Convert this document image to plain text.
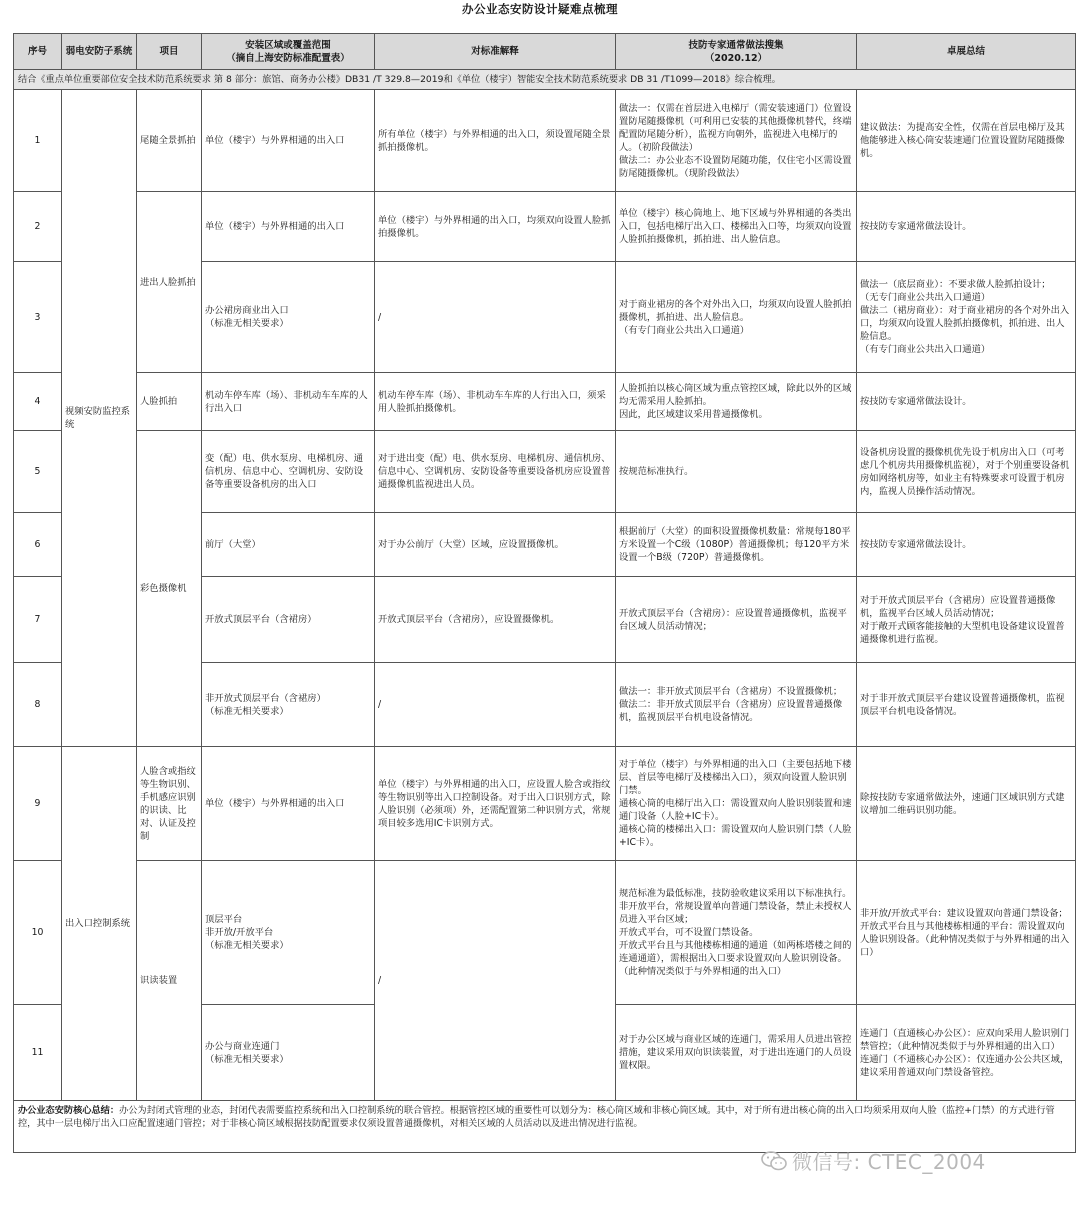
办公业态安防设计疑难点梳理
序号	弱电安防子系统	项目	安装区域或覆盖范围
（摘自上海安防标准配置表）	对标准解释	技防专家通常做法搜集
（2020.12）	卓展总结
结合《重点单位重要部位安全技术防范系统要求 第 8 部分：旅馆、商务办公楼》DB31 /T 329.8—2019和《单位（楼宇）智能安全技术防范系统要求 DB 31 /T1099—2018》综合梳理。						
1	视频安防监控系统	尾随全景抓拍	单位（楼宇）与外界相通的出入口	所有单位（楼宇）与外界相通的出入口，须设置尾随全景抓拍摄像机。	做法一：仅需在首层进入电梯厅（需安装速通门）位置设置防尾随摄像机（可利用已安装的其他摄像机替代，终端配置防尾随分析），监视方向朝外，监视进入电梯厅的人。（初阶段做法）
做法二：办公业态不设置防尾随功能，仅住宅小区需设置防尾随摄像机。（现阶段做法）	建议做法：为提高安全性，仅需在首层电梯厅及其他能够进入核心筒安装速通门位置设置防尾随摄像机。
2		进出人脸抓拍	单位（楼宇）与外界相通的出入口	单位（楼宇）与外界相通的出入口，均须双向设置人脸抓拍摄像机。	单位（楼宇）核心筒地上、地下区域与外界相通的各类出入口，包括电梯厅出入口、楼梯出入口等，均须双向设置人脸抓拍摄像机，抓拍进、出人脸信息。	按技防专家通常做法设计。
3			办公裙房商业出入口
（标准无相关要求）	/	对于商业裙房的各个对外出入口，均须双向设置人脸抓拍摄像机，抓拍进、出人脸信息。
（有专门商业公共出入口通道）	做法一（底层商业）：不要求做人脸抓拍设计；
（无专门商业公共出入口通道）
做法二（裙房商业）：对于商业裙房的各个对外出入口，均须双向设置人脸抓拍摄像机，抓拍进、出人脸信息。
（有专门商业公共出入口通道）
4		人脸抓拍	机动车停车库（场）、非机动车车库的人行出入口	机动车停车库（场）、非机动车车库的人行出入口，须采用人脸抓拍摄像机。	人脸抓拍以核心筒区域为重点管控区域，除此以外的区域均无需采用人脸抓拍。
因此，此区域建议采用普通摄像机。	按技防专家通常做法设计。
5		彩色摄像机	变（配）电、供水泵房、电梯机房、通信机房、信息中心、空调机房、安防设备等重要设备机房的出入口	对于进出变（配）电、供水泵房、电梯机房、通信机房、信息中心、空调机房、安防设备等重要设备机房应设置普通摄像机监视进出人员。	按规范标准执行。	设备机房设置的摄像机优先设于机房出入口（可考虑几个机房共用摄像机监视），对于个别重要设备机房如网络机房等，如业主有特殊要求可设置于机房内，监视人员操作活动情况。
6			前厅（大堂）	对于办公前厅（大堂）区域，应设置摄像机。	根据前厅（大堂）的面积设置摄像机数量：常规每180平方米设置一个C级（1080P）普通摄像机；每120平方米设置一个B级（720P）普通摄像机。	按技防专家通常做法设计。
7			开放式顶层平台（含裙房）	开放式顶层平台（含裙房），应设置摄像机。	开放式顶层平台（含裙房）：应设置普通摄像机，监视平台区域人员活动情况；	对于开放式顶层平台（含裙房）应设置普通摄像机，监视平台区域人员活动情况；
对于敞开式顾客能接触的大型机电设备建议设置普通摄像机进行监视。
8			非开放式顶层平台（含裙房）
（标准无相关要求）	/	做法一：非开放式顶层平台（含裙房）不设置摄像机；
做法二：非开放式顶层平台（含裙房）应设置普通摄像机，监视顶层平台机电设备情况。	对于非开放式顶层平台建议设置普通摄像机，监视顶层平台机电设备情况。
9	出入口控制系统	人脸含或指纹等生物识别、手机感应识别的识读、比对、认证及控制	单位（楼宇）与外界相通的出入口	单位（楼宇）与外界相通的出入口，应设置人脸含或指纹等生物识别等出入口控制设备。对于出入口识别方式，除人脸识别（必须项）外，还需配置第二种识别方式，常规项目较多选用IC卡识别方式。	对于单位（楼宇）与外界相通的出入口（主要包括地下楼层、首层等电梯厅及楼梯出入口），须双向设置人脸识别门禁。
通核心筒的电梯厅出入口：需设置双向人脸识别装置和速通门设备（人脸+IC卡）。
通核心筒的楼梯出入口：需设置双向人脸识别门禁（人脸+IC卡）。	除按技防专家通常做法外，速通门区域识别方式建议增加二维码识别功能。
10		识读装置	顶层平台
非开放/开放平台
（标准无相关要求）	/	规范标准为最低标准，技防验收建议采用以下标准执行。
非开放平台，常规设置单向普通门禁设备，禁止未授权人员进入平台区域；
开放式平台，可不设置门禁设备。
开放式平台且与其他楼栋相通的通道（如两栋塔楼之间的连通通道），需根据出入口要求设置双向人脸识别设备。（此种情况类似于与外界相通的出入口）	非开放/开放式平台：建议设置双向普通门禁设备；
开放式平台且与其他楼栋相通的平台：需设置双向人脸识别设备。（此种情况类似于与外界相通的出入口）
11			办公与商业连通门
（标准无相关要求）		对于办公区域与商业区域的连通门，需采用人员进出管控措施，建议采用双向识读装置，对于进出连通门的人员设置权限。	连通门（直通核心办公区）：应双向采用人脸识别门禁管控；（此种情况类似于与外界相通的出入口）
连通门（不通核心办公区）：仅连通办公公共区域，建议采用普通双向门禁设备管控。
办公业态安防核心总结：办公为封闭式管理的业态，封闭代表需要监控系统和出入口控制系统的联合管控。根据管控区域的重要性可以划分为：核心筒区域和非核心筒区域。其中，对于所有进出核心筒的出入口均须采用双向人脸（监控+门禁）的方式进行管控，其中一层电梯厅出入口应配置速通门管控；对于非核心筒区域根据技防配置要求仅须设置普通摄像机，对相关区域的人员活动以及进出情况进行监视。						
微信号: CTEC_2004
